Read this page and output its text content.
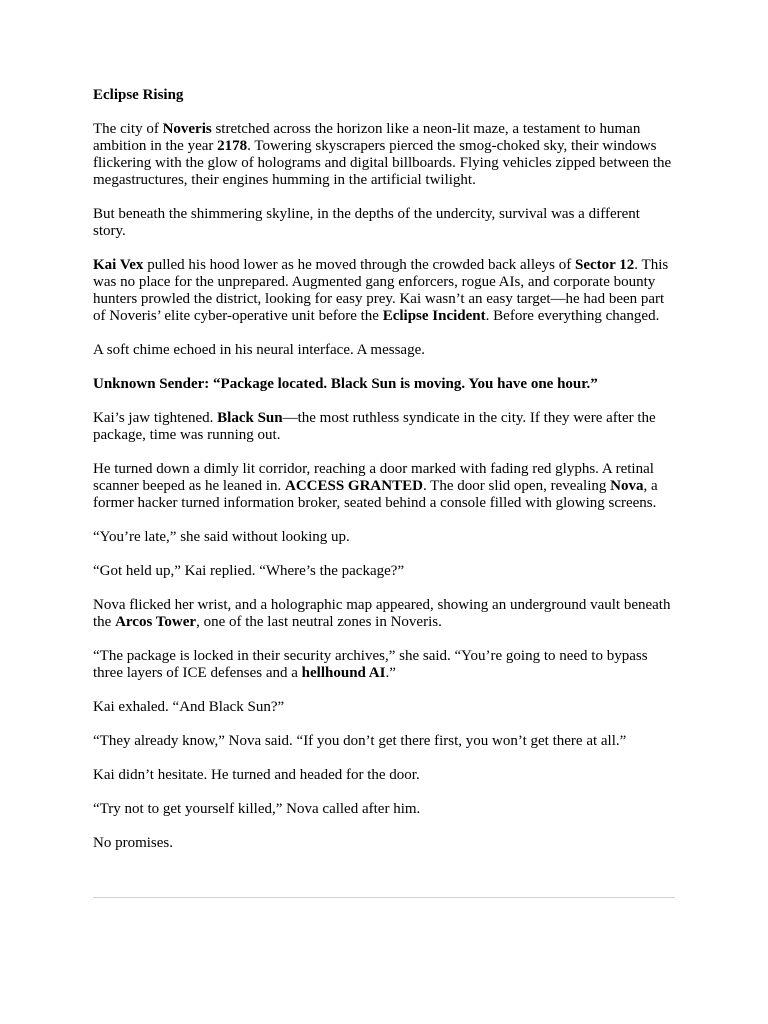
Eclipse Rising
The city of Noveris stretched across the horizon like a neon-lit maze, a testament to human ambition in the year 2178. Towering skyscrapers pierced the smog-choked sky, their windows flickering with the glow of holograms and digital billboards. Flying vehicles zipped between the megastructures, their engines humming in the artificial twilight.
But beneath the shimmering skyline, in the depths of the undercity, survival was a different story.
Kai Vex pulled his hood lower as he moved through the crowded back alleys of Sector 12. This was no place for the unprepared. Augmented gang enforcers, rogue AIs, and corporate bounty hunters prowled the district, looking for easy prey. Kai wasn’t an easy target—he had been part of Noveris’ elite cyber-operative unit before the Eclipse Incident. Before everything changed.
A soft chime echoed in his neural interface. A message.
Unknown Sender: “Package located. Black Sun is moving. You have one hour.”
Kai’s jaw tightened. Black Sun—the most ruthless syndicate in the city. If they were after the package, time was running out.
He turned down a dimly lit corridor, reaching a door marked with fading red glyphs. A retinal scanner beeped as he leaned in. ACCESS GRANTED. The door slid open, revealing Nova, a former hacker turned information broker, seated behind a console filled with glowing screens.
“You’re late,” she said without looking up.
“Got held up,” Kai replied. “Where’s the package?”
Nova flicked her wrist, and a holographic map appeared, showing an underground vault beneath the Arcos Tower, one of the last neutral zones in Noveris.
“The package is locked in their security archives,” she said. “You’re going to need to bypass three layers of ICE defenses and a hellhound AI.”
Kai exhaled. “And Black Sun?”
“They already know,” Nova said. “If you don’t get there first, you won’t get there at all.”
Kai didn’t hesitate. He turned and headed for the door.
“Try not to get yourself killed,” Nova called after him.
No promises.
